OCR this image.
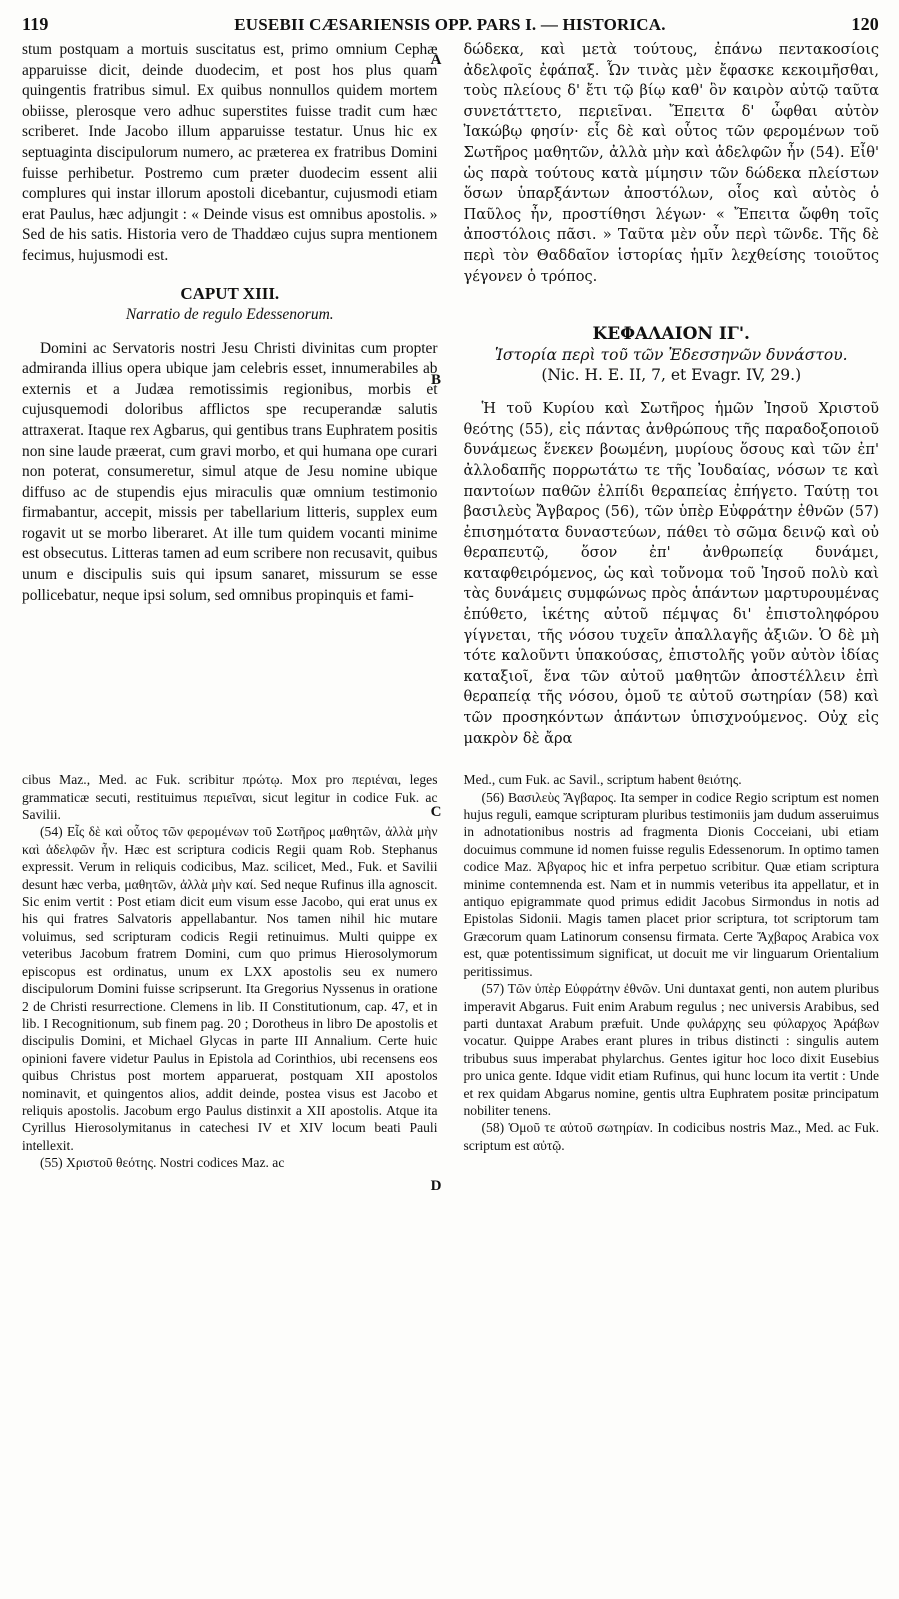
119	EUSEBII CÆSARIENSIS OPP. PARS I. — HISTORICA.	120
A
B
C
D

stum postquam a mortuis suscitatus est, primo omnium Cephæ apparuisse dicit, deinde duodecim, et post hos plus quam quingentis fratribus simul. Ex quibus nonnullos quidem mortem obiisse, plerosque vero adhuc superstites fuisse tradit cum hæc scriberet. Inde Jacobo illum apparuisse testatur. Unus hic ex septuaginta discipulorum numero, ac præterea ex fratribus Domini fuisse perhibetur. Postremo cum præter duodecim essent alii complures qui instar illorum apostoli dicebantur, cujusmodi etiam erat Paulus, hæc adjungit : « Deinde visus est omnibus apostolis. » Sed de his satis. Historia vero de Thaddæo cujus supra mentionem fecimus, hujusmodi est.

CAPUT XIII.
Narratio de regulo Edessenorum.

Domini ac Servatoris nostri Jesu Christi divinitas cum propter admiranda illius opera ubique jam celebris esset, innumerabiles ab externis et a Judæa remotissimis regionibus, morbis et cujusquemodi doloribus afflictos spe recuperandæ salutis attraxerat. Itaque rex Agbarus, qui gentibus trans Euphratem positis non sine laude præerat, cum gravi morbo, et qui humana ope curari non poterat, consumeretur, simul atque de Jesu nomine ubique diffuso ac de stupendis ejus miraculis quæ omnium testimonio firmabantur, accepit, missis per tabellarium litteris, supplex eum rogavit ut se morbo liberaret. At ille tum quidem vocanti minime est obsecutus. Litteras tamen ad eum scribere non recusavit, quibus unum e discipulis suis qui ipsum sanaret, missurum se esse pollicebatur, neque ipsi solum, sed omnibus propinquis et fami-

δώδεκα, καὶ μετὰ τούτους, ἐπάνω πεντακοσίοις ἀδελφοῖς ἐφάπαξ. Ὧν τινὰς μὲν ἔφασκε κεκοιμῆσθαι, τοὺς πλείους δ' ἔτι τῷ βίῳ καθ' ὃν καιρὸν αὐτῷ ταῦτα συνετάττετο, περιεῖναι. Ἔπειτα δ' ὦφθαι αὐτὸν Ἰακώβῳ φησίν· εἷς δὲ καὶ οὗτος τῶν φερομένων τοῦ Σωτῆρος μαθητῶν, ἀλλὰ μὴν καὶ ἀδελφῶν ἦν (54). Εἶθ' ὡς παρὰ τούτους κατὰ μίμησιν τῶν δώδεκα πλείστων ὅσων ὑπαρξάντων ἀποστόλων, οἷος καὶ αὐτὸς ὁ Παῦλος ἦν, προστίθησι λέγων· « Ἔπειτα ὤφθη τοῖς ἀποστόλοις πᾶσι. » Ταῦτα μὲν οὖν περὶ τῶνδε. Τῆς δὲ περὶ τὸν Θαδδαῖον ἱστορίας ἡμῖν λεχθείσης τοιοῦτος γέγονεν ὁ τρόπος.

ΚΕΦΑΛΑΙΟΝ ΙΓ'.
Ἱστορία περὶ τοῦ τῶν Ἐδεσσηνῶν δυνάστου.
(Nic. H. E. II, 7, et Evagr. IV, 29.)

Ἡ τοῦ Κυρίου καὶ Σωτῆρος ἡμῶν Ἰησοῦ Χριστοῦ θεότης (55), εἰς πάντας ἀνθρώπους τῆς παραδοξοποιοῦ δυνάμεως ἕνεκεν βοωμένη, μυρίους ὅσους καὶ τῶν ἐπ' ἀλλοδαπῆς πορρωτάτω τε τῆς Ἰουδαίας, νόσων τε καὶ παντοίων παθῶν ἐλπίδι θεραπείας ἐπήγετο. Ταύτῃ τοι βασιλεὺς Ἄγβαρος (56), τῶν ὑπὲρ Εὐφράτην ἐθνῶν (57) ἐπισημότατα δυναστεύων, πάθει τὸ σῶμα δεινῷ καὶ οὐ θεραπευτῷ, ὅσον ἐπ' ἀνθρωπείᾳ δυνάμει, καταφθειρόμενος, ὡς καὶ τοὔνομα τοῦ Ἰησοῦ πολὺ καὶ τὰς δυνάμεις συμφώνως πρὸς ἁπάντων μαρτυρουμένας ἐπύθετο, ἱκέτης αὐτοῦ πέμψας δι' ἐπιστοληφόρου γίγνεται, τῆς νόσου τυχεῖν ἀπαλλαγῆς ἀξιῶν. Ὁ δὲ μὴ τότε καλοῦντι ὑπακούσας, ἐπιστολῆς γοῦν αὐτὸν ἰδίας καταξιοῖ, ἕνα τῶν αὐτοῦ μαθητῶν ἀποστέλλειν ἐπὶ θεραπείᾳ τῆς νόσου, ὁμοῦ τε αὐτοῦ σωτηρίαν (58) καὶ τῶν προσηκόντων ἁπάντων ὑπισχνούμενος. Οὐχ εἰς μακρὸν δὲ ἄρα

cibus Maz., Med. ac Fuk. scribitur πρώτῳ. Mox pro περιέναι, leges grammaticæ secuti, restituimus περιεῖναι, sicut legitur in codice Fuk. ac Savilii.

(54) Εἷς δὲ καὶ οὗτος τῶν φερομένων τοῦ Σωτῆρος μαθητῶν, ἀλλὰ μὴν καὶ ἀδελφῶν ἦν. Hæc est scriptura codicis Regii quam Rob. Stephanus expressit. Verum in reliquis codicibus, Maz. scilicet, Med., Fuk. et Savilii desunt hæc verba, μαθητῶν, ἀλλὰ μὴν καί. Sed neque Rufinus illa agnoscit. Sic enim vertit : Post etiam dicit eum visum esse Jacobo, qui erat unus ex his qui fratres Salvatoris appellabantur. Nos tamen nihil hic mutare voluimus, sed scripturam codicis Regii retinuimus. Multi quippe ex veteribus Jacobum fratrem Domini, cum quo primus Hierosolymorum episcopus est ordinatus, unum ex LXX apostolis seu ex numero discipulorum Domini fuisse scripserunt. Ita Gregorius Nyssenus in oratione 2 de Christi resurrectione. Clemens in lib. II Constitutionum, cap. 47, et in lib. I Recognitionum, sub finem pag. 20 ; Dorotheus in libro De apostolis et discipulis Domini, et Michael Glycas in parte III Annalium. Certe huic opinioni favere videtur Paulus in Epistola ad Corinthios, ubi recensens eos quibus Christus post mortem apparuerat, postquam XII apostolos nominavit, et quingentos alios, addit deinde, postea visus est Jacobo et reliquis apostolis. Jacobum ergo Paulus distinxit a XII apostolis. Atque ita Cyrillus Hierosolymitanus in catechesi IV et XIV locum beati Pauli intellexit.

(55) Χριστοῦ θεότης. Nostri codices Maz. ac

Med., cum Fuk. ac Savil., scriptum habent θειότης.

(56) Βασιλεὺς Ἄγβαρος. Ita semper in codice Regio scriptum est nomen hujus reguli, eamque scripturam pluribus testimoniis jam dudum asseruimus in adnotationibus nostris ad fragmenta Dionis Cocceiani, ubi etiam docuimus commune id nomen fuisse regulis Edessenorum. In optimo tamen codice Maz. Ἀβγαρος hic et infra perpetuo scribitur. Quæ etiam scriptura minime contemnenda est. Nam et in nummis veteribus ita appellatur, et in antiquo epigrammate quod primus edidit Jacobus Sirmondus in notis ad Epistolas Sidonii. Magis tamen placet prior scriptura, tot scriptorum tam Græcorum quam Latinorum consensu firmata. Certe Ἄχβαρος Arabica vox est, quæ potentissimum significat, ut docuit me vir linguarum Orientalium peritissimus.

(57) Τῶν ὑπὲρ Εὐφράτην ἐθνῶν. Uni duntaxat genti, non autem pluribus imperavit Abgarus. Fuit enim Arabum regulus ; nec universis Arabibus, sed parti duntaxat Arabum præfuit. Unde φυλάρχης seu φύλαρχος Ἀράβων vocatur. Quippe Arabes erant plures in tribus distincti : singulis autem tribubus suus imperabat phylarchus. Gentes igitur hoc loco dixit Eusebius pro unica gente. Idque vidit etiam Rufinus, qui hunc locum ita vertit : Unde et rex quidam Abgarus nomine, gentis ultra Euphratem positæ principatum nobiliter tenens.

(58) Ὁμοῦ τε αὐτοῦ σωτηρίαν. In codicibus nostris Maz., Med. ac Fuk. scriptum est αὐτῷ.
